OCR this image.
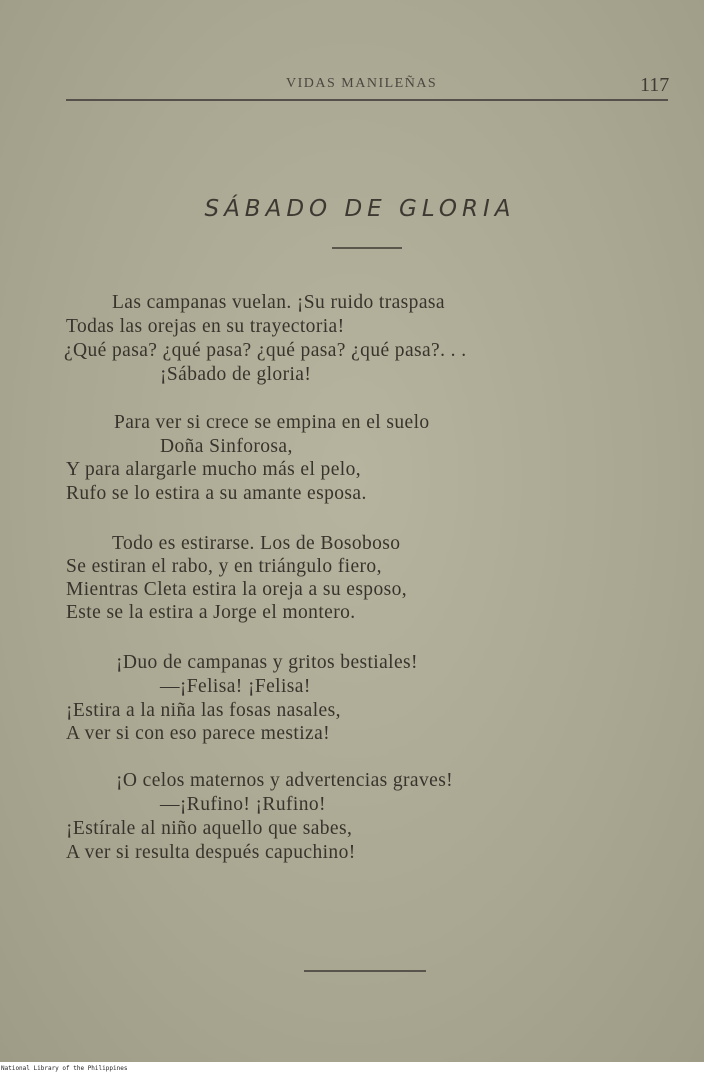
VIDAS MANILEÑAS	117
SÁBADO DE GLORIA
Las campanas vuelan. ¡Su ruido traspasa
Todas las orejas en su trayectoria!
¿Qué pasa? ¿qué pasa? ¿qué pasa? ¿qué pasa?. . .
¡Sábado de gloria!
Para ver si crece se empina en el suelo
Doña Sinforosa,
Y para alargarle mucho más el pelo,
Rufo se lo estira a su amante esposa.
Todo es estirarse. Los de Bosoboso
Se estiran el rabo, y en triángulo fiero,
Mientras Cleta estira la oreja a su esposo,
Este se la estira a Jorge el montero.
¡Duo de campanas y gritos bestiales!
—¡Felisa! ¡Felisa!
¡Estira a la niña las fosas nasales,
A ver si con eso parece mestiza!
¡O celos maternos y advertencias graves!
—¡Rufino! ¡Rufino!
¡Estírale al niño aquello que sabes,
A ver si resulta después capuchino!
National Library of the Philippines
